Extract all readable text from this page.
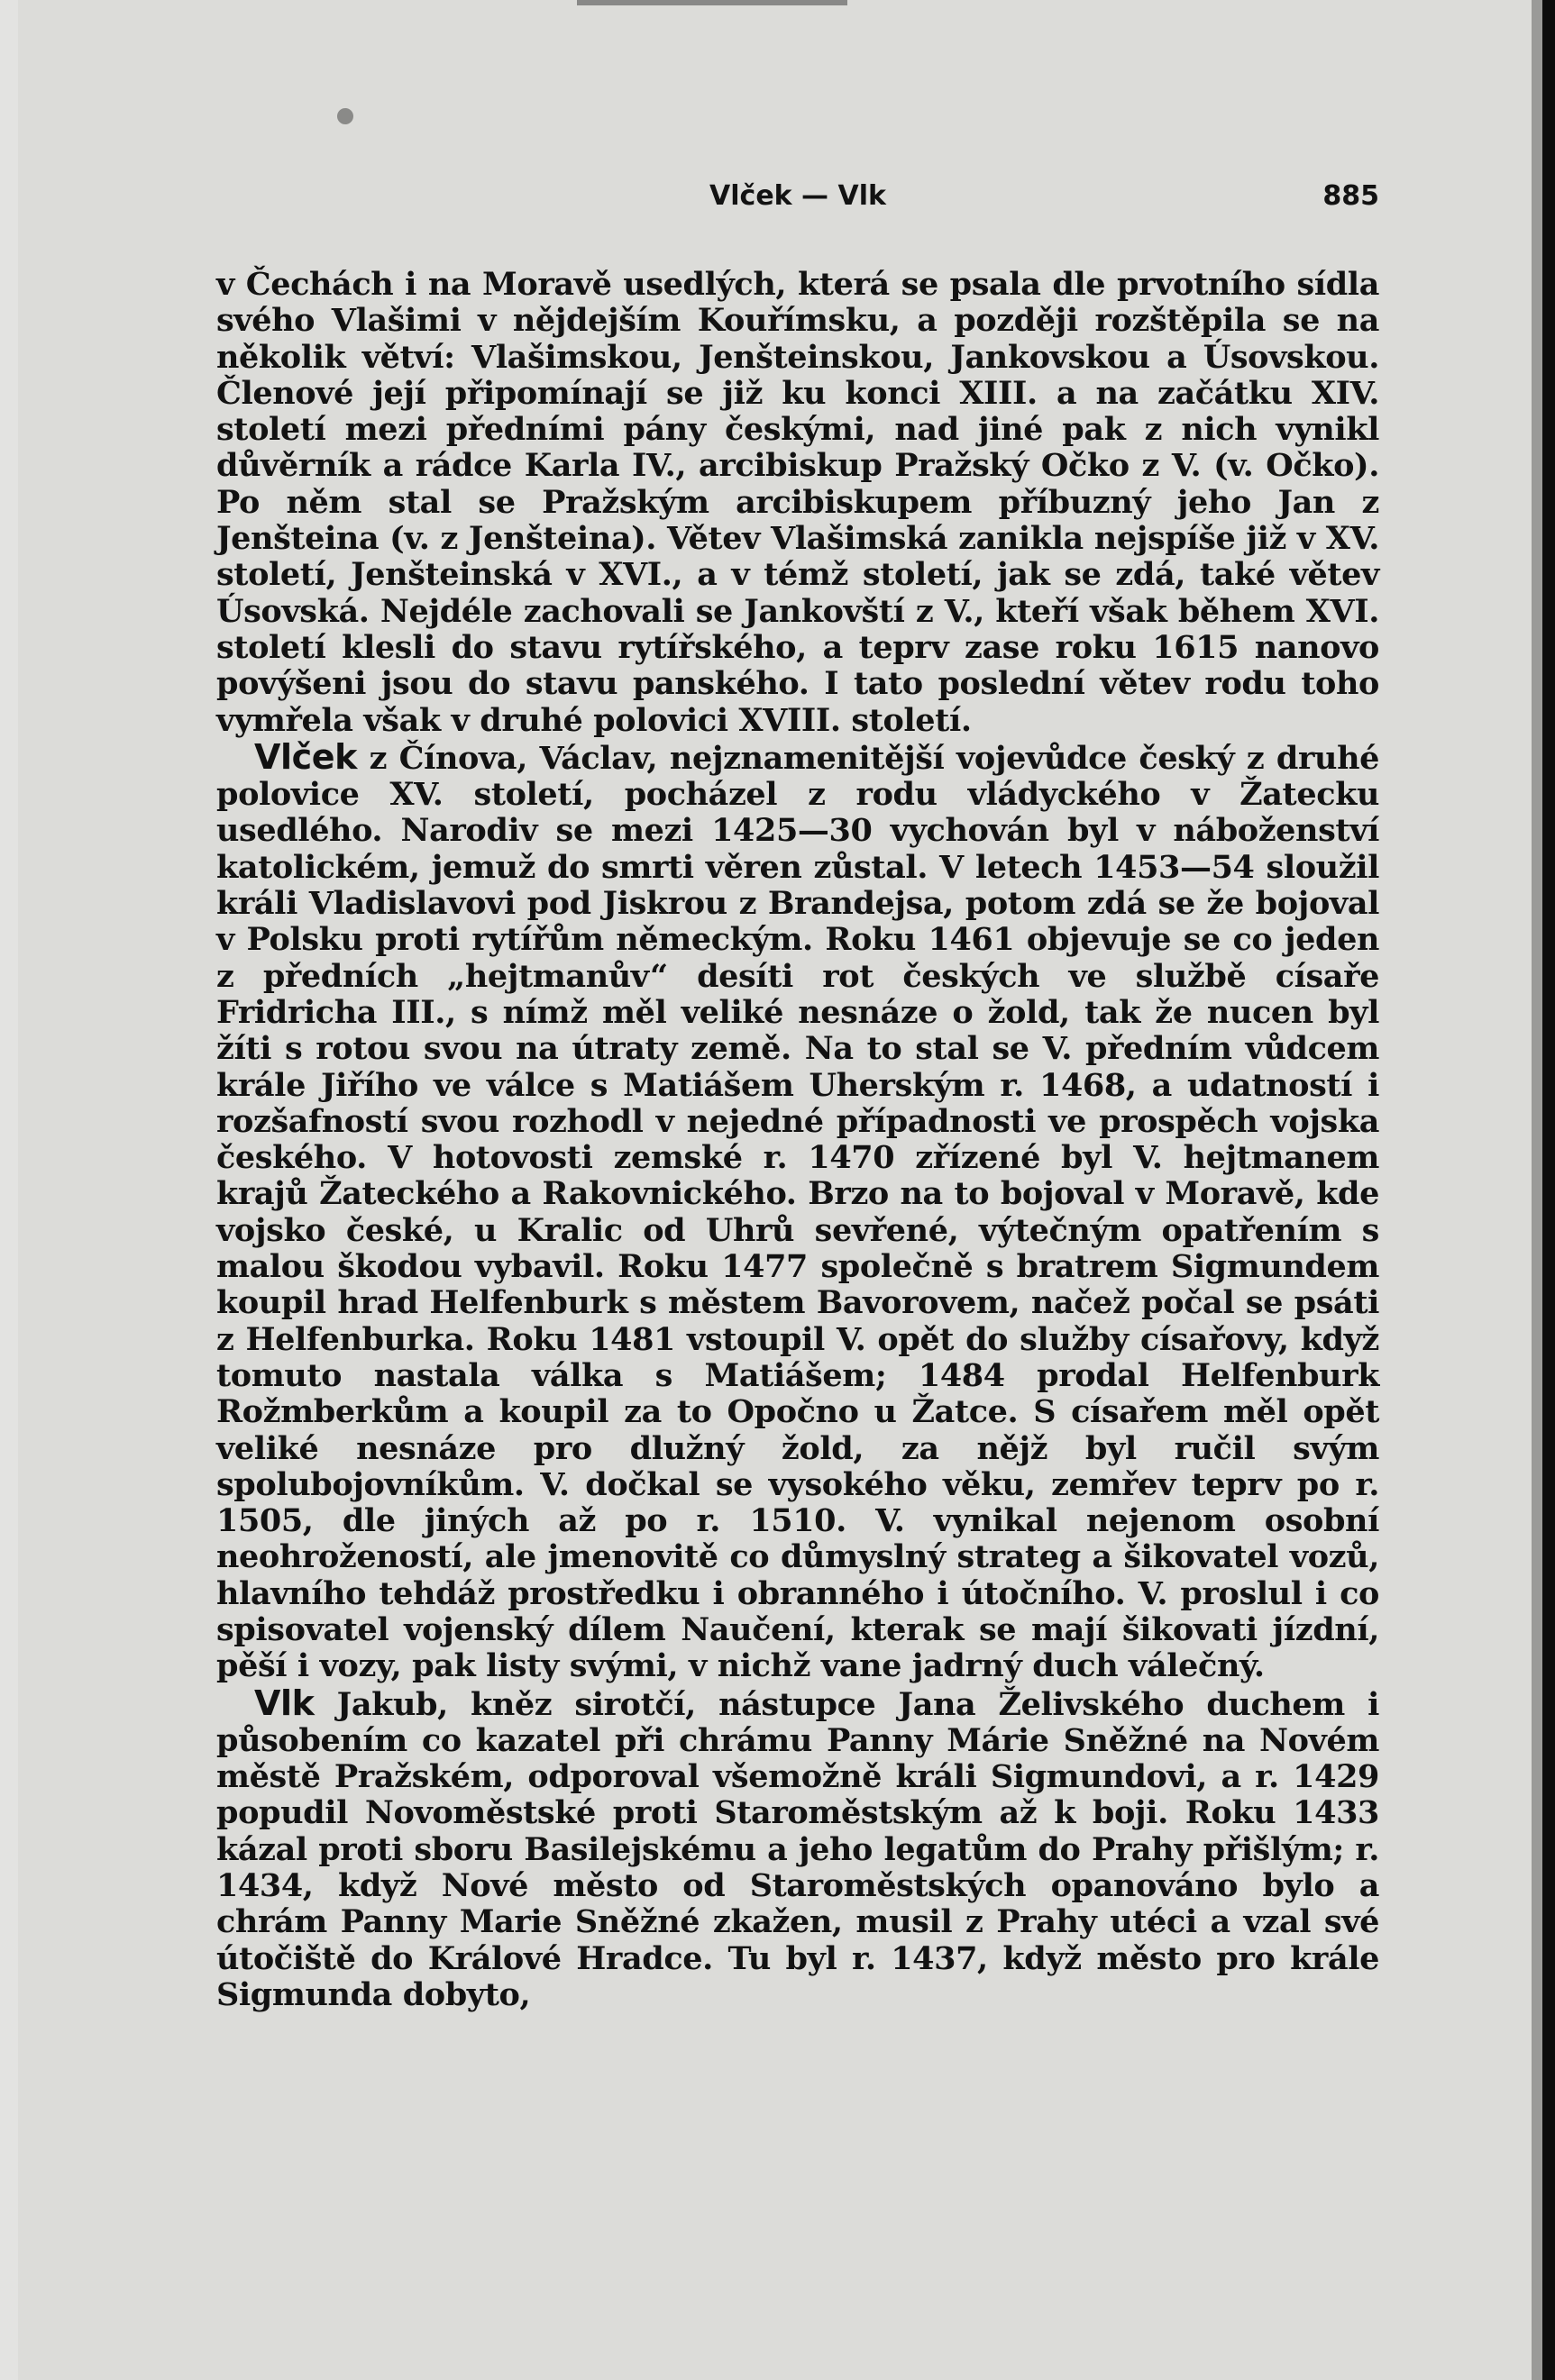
Vlček — Vlk	885

v Čechách i na Moravě usedlých, která se psala dle prvotního sídla svého Vlašimi v nějdejším Kouřímsku, a později rozštěpila se na několik větví: Vlašimskou, Jenšteinskou, Jankovskou a Úsovskou. Členové její připomínají se již ku konci XIII. a na začátku XIV. století mezi předními pány českými, nad jiné pak z nich vynikl důvěrník a rádce Karla IV., arcibiskup Pražský Očko z V. (v. Očko). Po něm stal se Pražským arcibiskupem příbuzný jeho Jan z Jenšteina (v. z Jenšteina). Větev Vlašimská zanikla nejspíše již v XV. století, Jenšteinská v XVI., a v témž století, jak se zdá, také větev Úsovská. Nejdéle zachovali se Jankovští z V., kteří však během XVI. století klesli do stavu rytířského, a teprv zase roku 1615 nanovo povýšeni jsou do stavu panského. I tato poslední větev rodu toho vymřela však v druhé polovici XVIII. století.

Vlček z Čínova, Václav, nejznamenitější vojevůdce český z druhé polovice XV. století, pocházel z rodu vládyckého v Žatecku usedlého. Narodiv se mezi 1425—30 vychován byl v náboženství katolickém, jemuž do smrti věren zůstal. V letech 1453—54 sloužil králi Vladislavovi pod Jiskrou z Brandejsa, potom zdá se že bojoval v Polsku proti rytířům německým. Roku 1461 objevuje se co jeden z předních „hejtmanův“ desíti rot českých ve službě císaře Fridricha III., s nímž měl veliké nesnáze o žold, tak že nucen byl žíti s rotou svou na útraty země. Na to stal se V. předním vůdcem krále Jiřího ve válce s Matiášem Uherským r. 1468, a udatností i rozšafností svou rozhodl v nejedné případnosti ve prospěch vojska českého. V hotovosti zemské r. 1470 zřízené byl V. hejtmanem krajů Žateckého a Rakovnického. Brzo na to bojoval v Moravě, kde vojsko české, u Kralic od Uhrů sevřené, výtečným opatřením s malou škodou vybavil. Roku 1477 společně s bratrem Sigmundem koupil hrad Helfenburk s městem Bavorovem, načež počal se psáti z Helfenburka. Roku 1481 vstoupil V. opět do služby císařovy, když tomuto nastala válka s Matiášem; 1484 prodal Helfenburk Rožmberkům a koupil za to Opočno u Žatce. S císařem měl opět veliké nesnáze pro dlužný žold, za nějž byl ručil svým spolubojovníkům. V. dočkal se vysokého věku, zemřev teprv po r. 1505, dle jiných až po r. 1510. V. vynikal nejenom osobní neohrožeností, ale jmenovitě co důmyslný strateg a šikovatel vozů, hlavního tehdáž prostředku i obranného i útočního. V. proslul i co spisovatel vojenský dílem Naučení, kterak se mají šikovati jízdní, pěší i vozy, pak listy svými, v nichž vane jadrný duch válečný.

Vlk Jakub, kněz sirotčí, nástupce Jana Želivského duchem i působením co kazatel při chrámu Panny Márie Sněžné na Novém městě Pražském, odporoval všemožně králi Sigmundovi, a r. 1429 popudil Novoměstské proti Staroměstským až k boji. Roku 1433 kázal proti sboru Basilejskému a jeho legatům do Prahy přišlým; r. 1434, když Nové město od Staroměstských opanováno bylo a chrám Panny Marie Sněžné zkažen, musil z Prahy utéci a vzal své útočiště do Králové Hradce. Tu byl r. 1437, když město pro krále Sigmunda dobyto,
